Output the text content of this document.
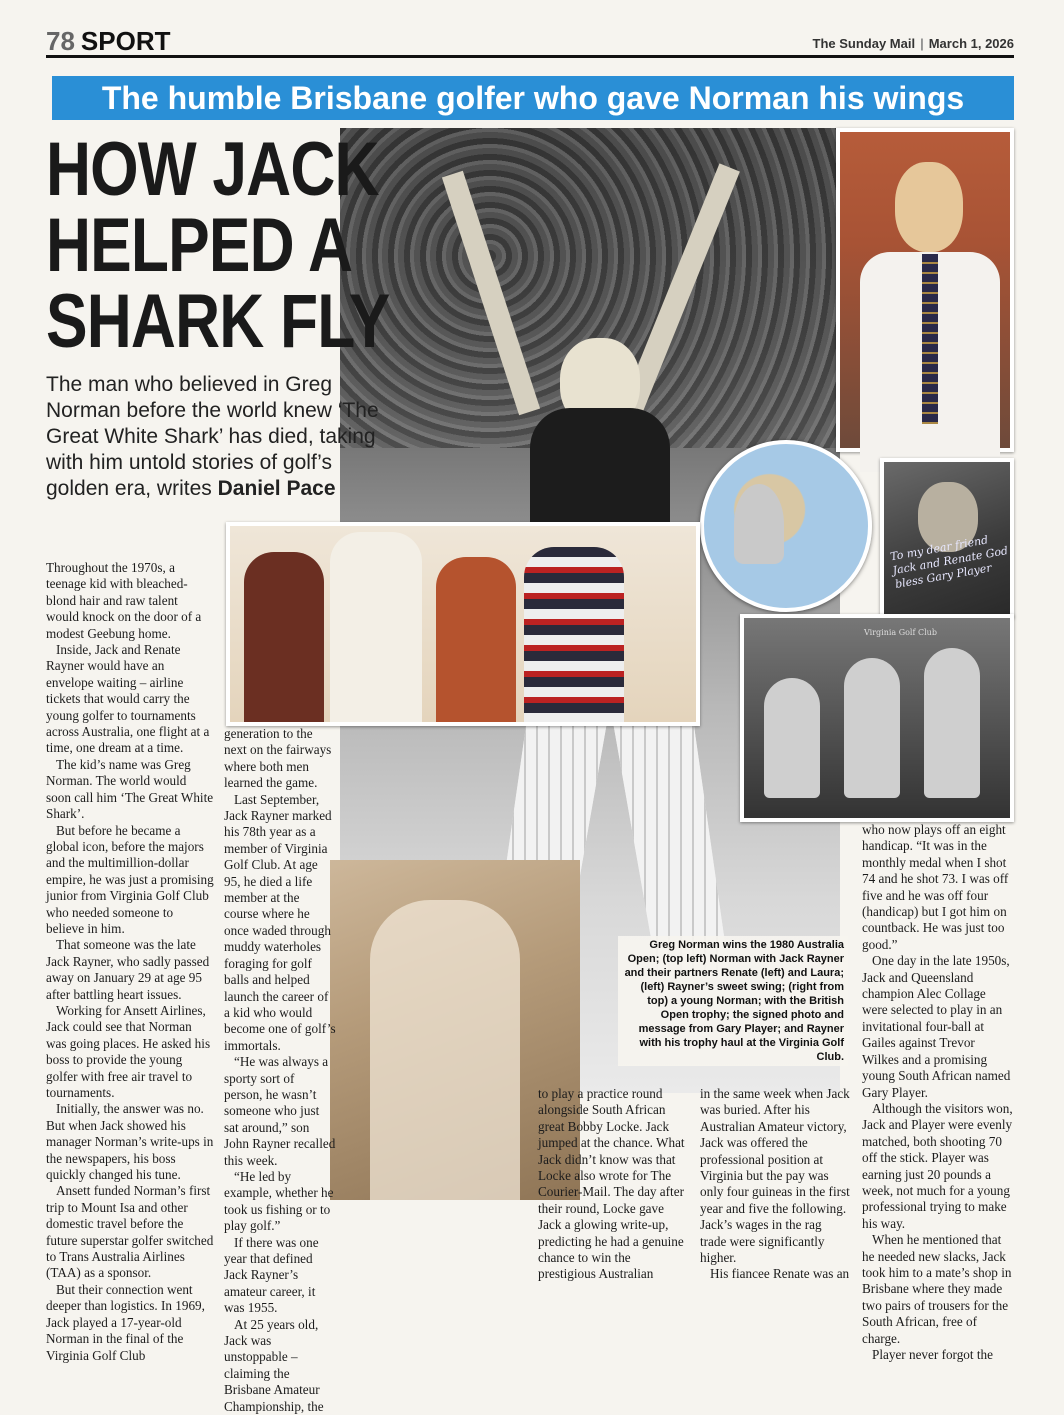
78 SPORT	The Sunday Mail | March 1, 2026
The humble Brisbane golfer who gave Norman his wings
HOW JACK
HELPED A
SHARK FLY
The man who believed in Greg Norman before the world knew ‘The Great White Shark’ has died, taking with him untold stories of golf’s golden era, writes Daniel Pace
To my dear friend Jack and Renate God bless Gary Player
Virginia Golf Club
Greg Norman wins the 1980 Australia Open; (top left) Norman with Jack Rayner and their partners Renate (left) and Laura; (left) Rayner’s sweet swing; (right from top) a young Norman; with the British Open trophy; the signed photo and message from Gary Player; and Rayner with his trophy haul at the Virginia Golf Club.

Throughout the 1970s, a teenage kid with bleached-blond hair and raw talent would knock on the door of a modest Geebung home.

Inside, Jack and Renate Rayner would have an envelope waiting – airline tickets that would carry the young golfer to tournaments across Australia, one flight at a time, one dream at a time.

The kid’s name was Greg Norman. The world would soon call him ‘The Great White Shark’.

But before he became a global icon, before the majors and the multimillion-dollar empire, he was just a promising junior from Virginia Golf Club who needed someone to believe in him.

That someone was the late Jack Rayner, who sadly passed away on January 29 at age 95 after battling heart issues.

Working for Ansett Airlines, Jack could see that Norman was going places. He asked his boss to provide the young golfer with free air travel to tournaments.

Initially, the answer was no. But when Jack showed his manager Norman’s write-ups in the newspapers, his boss quickly changed his tune.

Ansett funded Norman’s first trip to Mount Isa and other domestic travel before the future superstar golfer switched to Trans Australia Airlines (TAA) as a sponsor.

But their connection went deeper than logistics. In 1969, Jack played a 17-year-old Norman in the final of the Virginia Golf Club

generation to the next on the fairways where both men learned the game.

Last September, Jack Rayner marked his 78th year as a member of Virginia Golf Club. At age 95, he died a life member at the course where he once waded through muddy waterholes foraging for golf balls and helped launch the career of a kid who would become one of golf’s immortals.

“He was always a sporty sort of person, he wasn’t someone who just sat around,” son John Rayner recalled this week.

“He led by example, whether he took us fishing or to play golf.”

If there was one year that defined Jack Rayner’s amateur career, it was 1955.

At 25 years old, Jack was unstoppable – claiming the Brisbane Amateur Championship, the

to play a practice round alongside South African great Bobby Locke. Jack jumped at the chance. What Jack didn’t know was that Locke also wrote for The Courier-Mail. The day after their round, Locke gave Jack a glowing write-up, predicting he had a genuine chance to win the prestigious Australian

in the same week when Jack was buried. After his Australian Amateur victory, Jack was offered the professional position at Virginia but the pay was only four guineas in the first year and five the following. Jack’s wages in the rag trade were significantly higher.

His fiancee Renate was an

who now plays off an eight handicap. “It was in the monthly medal when I shot 74 and he shot 73. I was off five and he was off four (handicap) but I got him on countback. He was just too good.”

One day in the late 1950s, Jack and Queensland champion Alec Collage were selected to play in an invitational four-ball at Gailes against Trevor Wilkes and a promising young South African named Gary Player.

Although the visitors won, Jack and Player were evenly matched, both shooting 70 off the stick. Player was earning just 20 pounds a week, not much for a young professional trying to make his way.

When he mentioned that he needed new slacks, Jack took him to a mate’s shop in Brisbane where they made two pairs of trousers for the South African, free of charge.

Player never forgot the
